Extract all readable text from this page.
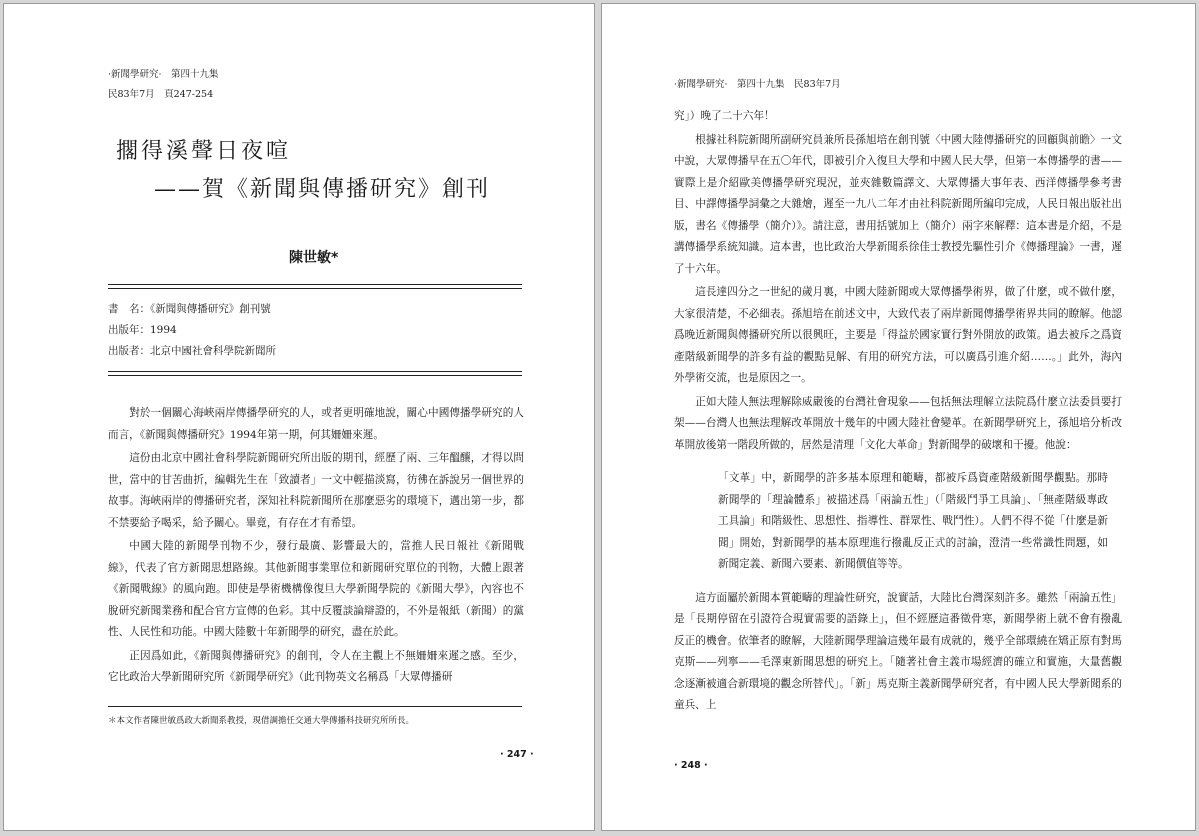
·新聞學研究·　第四十九集
民83年7月　頁247-254
擱得溪聲日夜喧
——賀《新聞與傳播研究》創刊
陳世敏*
書　名：《新聞與傳播研究》創刊號
出版年：1994
出版者：北京中國社會科學院新聞所

對於一個關心海峽兩岸傳播學研究的人，或者更明確地說，關心中國傳播學研究的人而言，《新聞與傳播研究》1994年第一期，何其姍姍來遲。

這份由北京中國社會科學院新聞研究所出版的期刊，經歷了兩、三年醞釀，才得以問世，當中的甘苦曲折，編輯先生在「致讀者」一文中輕描淡寫，彷彿在訴說另一個世界的故事。海峽兩岸的傳播研究者，深知社科院新聞所在那麼惡劣的環境下，邁出第一步，都不禁要給予喝采，給予關心。畢竟，有存在才有希望。

中國大陸的新聞學刊物不少，發行最廣、影響最大的，當推人民日報社《新聞戰線》，代表了官方新聞思想路線。其他新聞事業單位和新聞研究單位的刊物，大體上跟著《新聞戰線》的風向跑。即使是學術機構像復旦大學新聞學院的《新聞大學》，內容也不脫研究新聞業務和配合官方宣傳的色彩。其中反覆談論辯證的，不外是報紙（新聞）的黨性、人民性和功能。中國大陸數十年新聞學的研究，盡在於此。

正因爲如此，《新聞與傳播研究》的創刊，令人在主觀上不無姍姍來遲之感。至少，它比政治大學新聞研究所《新聞學研究》（此刊物英文名稱爲「大眾傳播研

＊本文作者陳世敏爲政大新聞系教授，現借調擔任交通大學傳播科技研究所所長。
· 247 ·
·新聞學研究·　第四十九集　民83年7月

究」）晚了二十六年！

根據社科院新聞所副研究員兼所長孫旭培在創刊號〈中國大陸傳播研究的回顧與前瞻〉一文中說，大眾傳播早在五〇年代，即被引介入復旦大學和中國人民大學，但第一本傳播學的書——實際上是介紹歐美傳播學研究現況，並夾雜數篇譯文、大眾傳播大事年表、西洋傳播學參考書目、中譯傳播學詞彙之大雜燴，遲至一九八二年才由社科院新聞所編印完成，人民日報出版社出版，書名《傳播學（簡介）》。請注意，書用括號加上（簡介）兩字來解釋：這本書是介紹，不是講傳播學系統知識。這本書，也比政治大學新聞系徐佳士教授先驅性引介《傳播理論》一書，遲了十六年。

這長達四分之一世紀的歲月裏，中國大陸新聞或大眾傳播學術界，做了什麼，或不做什麼，大家很清楚，不必細表。孫旭培在前述文中，大致代表了兩岸新聞傳播學術界共同的瞭解。他認爲晚近新聞與傳播研究所以很興旺，主要是「得益於國家實行對外開放的政策。過去被斥之爲資產階級新聞學的許多有益的觀點見解、有用的研究方法，可以廣爲引進介紹……。」此外，海內外學術交流，也是原因之一。

正如大陸人無法理解除威嚴後的台灣社會現象——包括無法理解立法院爲什麼立法委員要打架——台灣人也無法理解改革開放十幾年的中國大陸社會變革。在新聞學研究上，孫旭培分析改革開放後第一階段所做的，居然是清理「文化大革命」對新聞學的破壞和干擾。他說：

「文革」中，新聞學的許多基本原理和範疇，都被斥爲資產階級新聞學觀點。那時新聞學的「理論體系」被描述爲「兩論五性」（「階級鬥爭工具論」、「無產階級專政工具論」和階級性、思想性、指導性、群眾性、戰鬥性）。人們不得不從「什麼是新聞」開始，對新聞學的基本原理進行撥亂反正式的討論，澄清一些常識性問題，如新聞定義、新聞六要素、新聞價值等等。

這方面屬於新聞本質範疇的理論性研究，說實話，大陸比台灣深刻許多。雖然「兩論五性」是「長期停留在引證符合現實需要的語錄上」，但不經歷這番徵骨寒，新聞學術上就不會有撥亂反正的機會。依筆者的瞭解，大陸新聞學理論這幾年最有成就的，幾乎全部環繞在矯正原有對馬克斯——列寧——毛澤東新聞思想的研究上。「隨著社會主義市場經濟的確立和實施，大量舊觀念逐漸被適合新環境的觀念所替代」。「新」馬克斯主義新聞學研究者，有中國人民大學新聞系的童兵、上

· 248 ·
